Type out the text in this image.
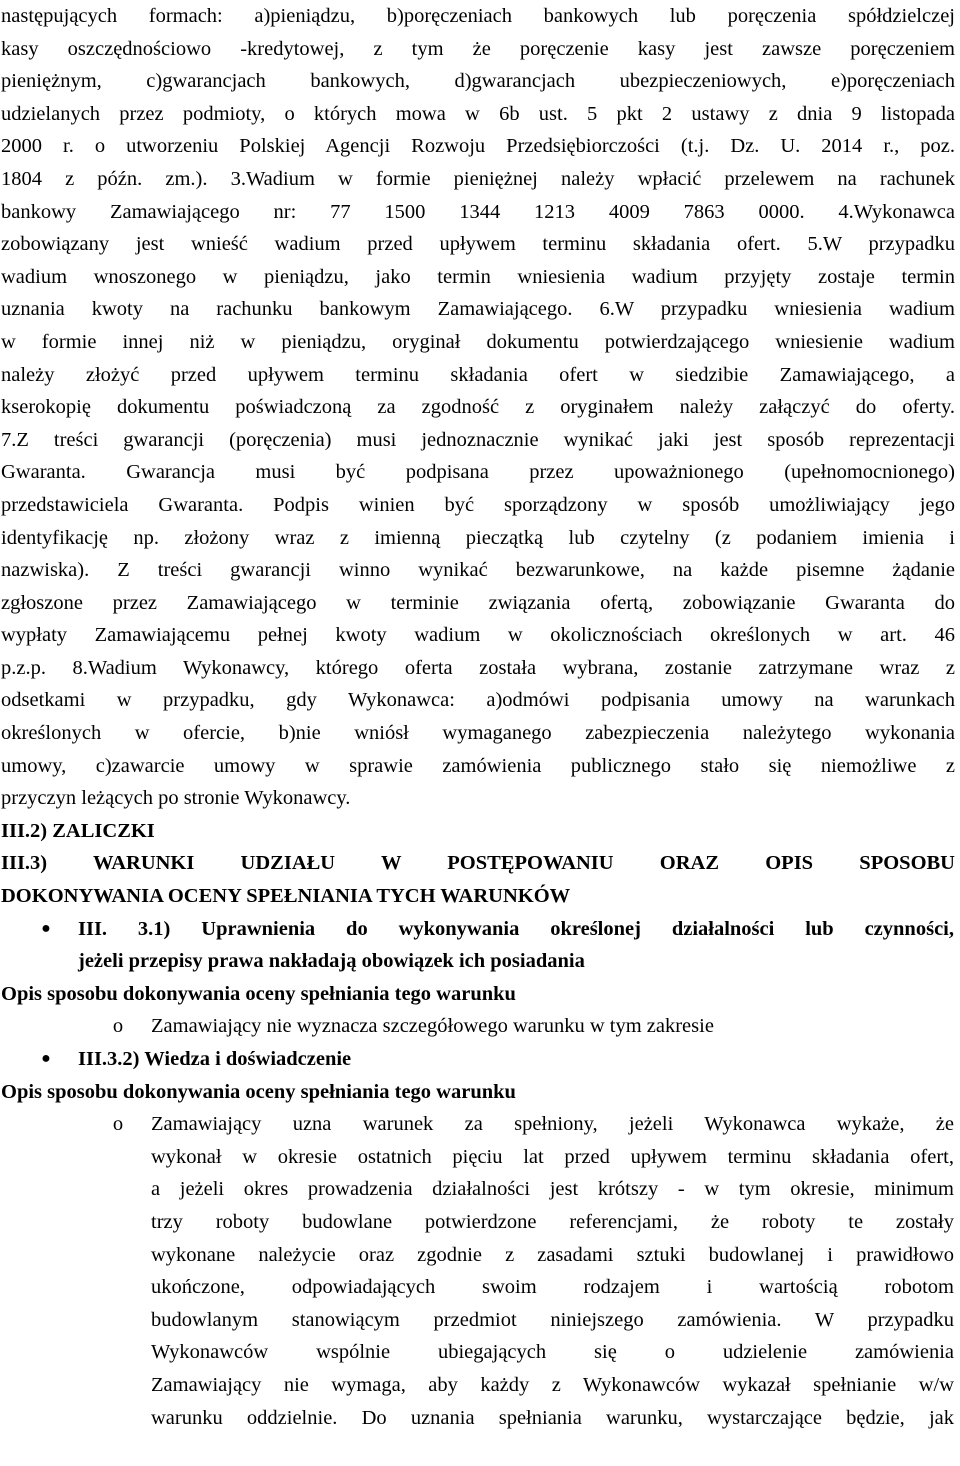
następujących formach: a)pieniądzu, b)poręczeniach bankowych lub poręczenia spółdzielczej
kasy oszczędnościowo -kredytowej, z tym że poręczenie kasy jest zawsze poręczeniem
pieniężnym, c)gwarancjach bankowych, d)gwarancjach ubezpieczeniowych, e)poręczeniach
udzielanych przez podmioty, o których mowa w 6b ust. 5 pkt 2 ustawy z dnia 9 listopada
2000 r. o utworzeniu Polskiej Agencji Rozwoju Przedsiębiorczości (t.j. Dz. U. 2014 r., poz.
1804 z późn. zm.). 3.Wadium w formie pieniężnej należy wpłacić przelewem na rachunek
bankowy Zamawiającego nr: 77 1500 1344 1213 4009 7863 0000. 4.Wykonawca
zobowiązany jest wnieść wadium przed upływem terminu składania ofert. 5.W przypadku
wadium wnoszonego w pieniądzu, jako termin wniesienia wadium przyjęty zostaje termin
uznania kwoty na rachunku bankowym Zamawiającego. 6.W przypadku wniesienia wadium
w formie innej niż w pieniądzu, oryginał dokumentu potwierdzającego wniesienie wadium
należy złożyć przed upływem terminu składania ofert w siedzibie Zamawiającego, a
kserokopię dokumentu poświadczoną za zgodność z oryginałem należy załączyć do oferty.
7.Z treści gwarancji (poręczenia) musi jednoznacznie wynikać jaki jest sposób reprezentacji
Gwaranta. Gwarancja musi być podpisana przez upoważnionego (upełnomocnionego)
przedstawiciela Gwaranta. Podpis winien być sporządzony w sposób umożliwiający jego
identyfikację np. złożony wraz z imienną pieczątką lub czytelny (z podaniem imienia i
nazwiska). Z treści gwarancji winno wynikać bezwarunkowe, na każde pisemne żądanie
zgłoszone przez Zamawiającego w terminie związania ofertą, zobowiązanie Gwaranta do
wypłaty Zamawiającemu pełnej kwoty wadium w okolicznościach określonych w art. 46
p.z.p. 8.Wadium Wykonawcy, którego oferta została wybrana, zostanie zatrzymane wraz z
odsetkami w przypadku, gdy Wykonawca: a)odmówi podpisania umowy na warunkach
określonych w ofercie, b)nie wniósł wymaganego zabezpieczenia należytego wykonania
umowy, c)zawarcie umowy w sprawie zamówienia publicznego stało się niemożliwe z
przyczyn leżących po stronie Wykonawcy.
III.2) ZALICZKI
III.3) WARUNKI UDZIAŁU W POSTĘPOWANIU ORAZ OPIS SPOSOBU
DOKONYWANIA OCENY SPEŁNIANIA TYCH WARUNKÓW
● III. 3.1) Uprawnienia do wykonywania określonej działalności lub czynności,
jeżeli przepisy prawa nakładają obowiązek ich posiadania
Opis sposobu dokonywania oceny spełniania tego warunku
o Zamawiający nie wyznacza szczegółowego warunku w tym zakresie
● III.3.2) Wiedza i doświadczenie
Opis sposobu dokonywania oceny spełniania tego warunku
o Zamawiający uzna warunek za spełniony, jeżeli Wykonawca wykaże, że
wykonał w okresie ostatnich pięciu lat przed upływem terminu składania ofert,
a jeżeli okres prowadzenia działalności jest krótszy - w tym okresie, minimum
trzy roboty budowlane potwierdzone referencjami, że roboty te zostały
wykonane należycie oraz zgodnie z zasadami sztuki budowlanej i prawidłowo
ukończone, odpowiadających swoim rodzajem i wartością robotom
budowlanym stanowiącym przedmiot niniejszego zamówienia. W przypadku
Wykonawców wspólnie ubiegających się o udzielenie zamówienia
Zamawiający nie wymaga, aby każdy z Wykonawców wykazał spełnianie w/w
warunku oddzielnie. Do uznania spełniania warunku, wystarczające będzie, jak
